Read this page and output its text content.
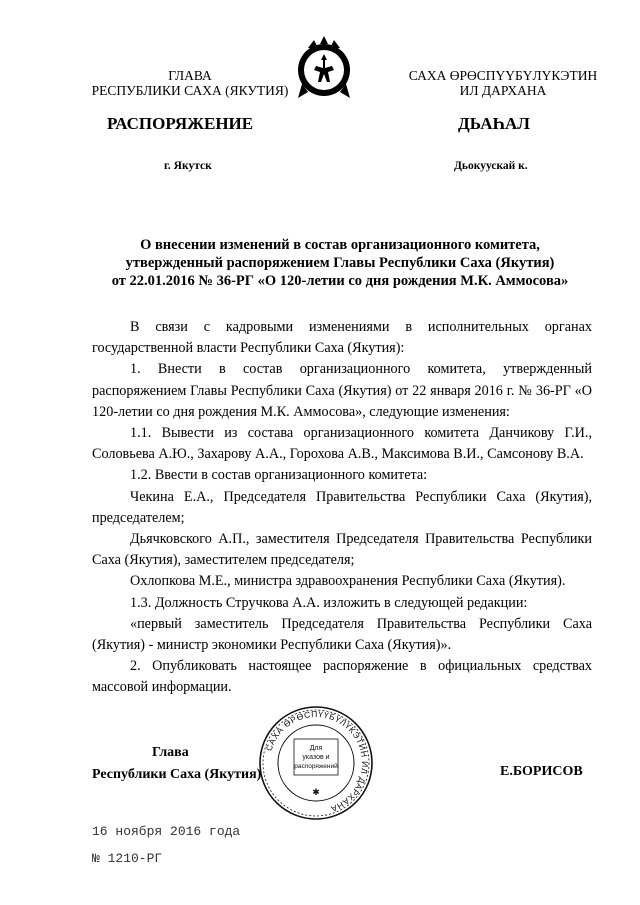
ГЛАВА
РЕСПУБЛИКИ САХА (ЯКУТИЯ)
САХА ӨРӨСПҮҮБҮЛҮКЭТИН
ИЛ ДАРХАНА
РАСПОРЯЖЕНИЕ	ДЬАҺАЛ
г. Якутск	Дьокуускай к.
О внесении изменений в состав организационного комитета,
утвержденный распоряжением Главы Республики Саха (Якутия)
от 22.01.2016 № 36-РГ «О 120-летии со дня рождения М.К. Аммосова»

В связи с кадровыми изменениями в исполнительных органах государственной власти Республики Саха (Якутия):

1. Внести в состав организационного комитета, утвержденный распоряжением Главы Республики Саха (Якутия) от 22 января 2016 г. № 36-РГ «О 120-летии со дня рождения М.К. Аммосова», следующие изменения:

1.1. Вывести из состава организационного комитета Данчикову Г.И., Соловьева А.Ю., Захарову А.А., Горохова А.В., Максимова В.И., Самсонову В.А.

1.2. Ввести в состав организационного комитета:

Чекина Е.А., Председателя Правительства Республики Саха (Якутия), председателем;

Дьячковского А.П., заместителя Председателя Правительства Республики Саха (Якутия), заместителем председателя;

Охлопкова М.Е., министра здравоохранения Республики Саха (Якутия).

1.3. Должность Стручкова А.А. изложить в следующей редакции:

«первый заместитель Председателя Правительства Республики Саха (Якутия) - министр экономики Республики Саха (Якутия)».

2. Опубликовать настоящее распоряжение в официальных средствах массовой информации.

Глава
Республики Саха (Якутия)
САХА ӨРӨСПҮҮБҮЛҮКЭТИН ИЛ ДАРХАНА
Для
указов и
распоряжений
✱
Е.БОРИСОВ
16 ноября 2016 года
№ 1210-РГ
